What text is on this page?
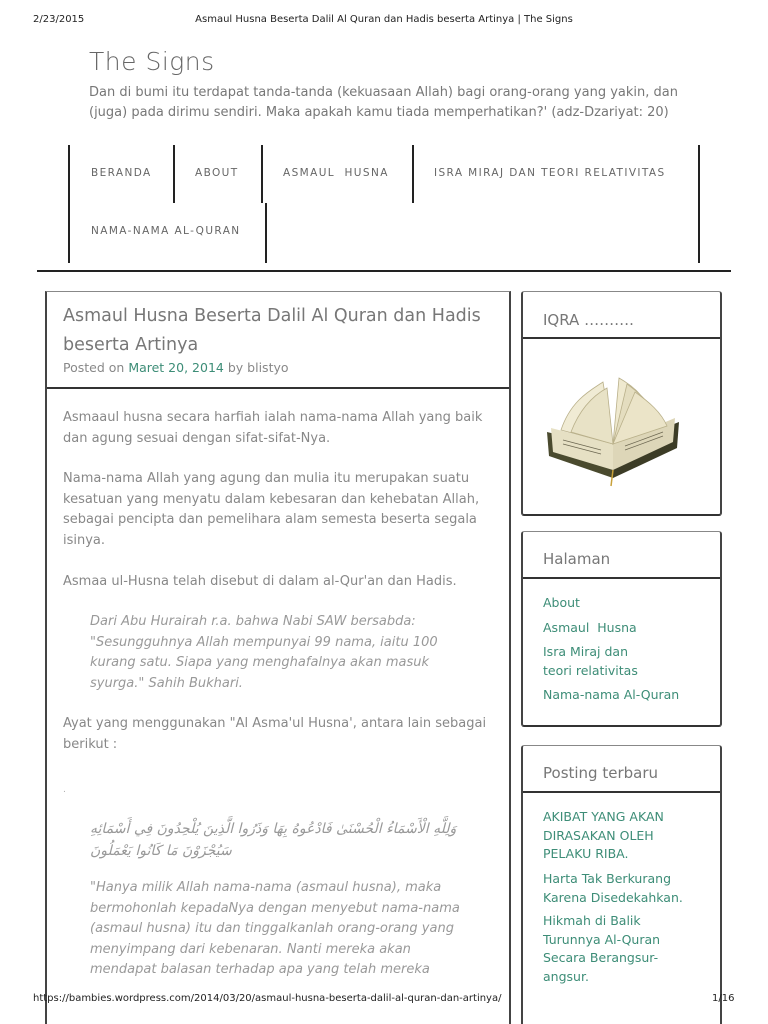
2/23/2015	Asmaul Husna Beserta Dalil Al Quran dan Hadis beserta Artinya | The Signs
The Signs
Dan di bumi itu terdapat tanda-tanda (kekuasaan Allah) bagi orang-orang yang yakin, dan (juga) pada dirimu sendiri. Maka apakah kamu tiada memperhatikan?' (adz-Dzariyat: 20)
BERANDA	ABOUT	ASMAUL  HUSNA	ISRA MIRAJ DAN TEORI RELATIVITAS
NAMA-NAMA AL-QURAN
Asmaul Husna Beserta Dalil Al Quran dan Hadis beserta Artinya
Posted on Maret 20, 2014 by blistyo

Asmaaul husna secara harfiah ialah nama-nama Allah yang baik dan agung sesuai dengan sifat-sifat-Nya.

Nama-nama Allah yang agung dan mulia itu merupakan suatu kesatuan yang menyatu dalam kebesaran dan kehebatan Allah, sebagai pencipta dan pemelihara alam semesta beserta segala isinya.

Asmaa ul-Husna telah disebut di dalam al-Qur'an dan Hadis.

Dari Abu Hurairah r.a. bahwa Nabi SAW bersabda: "Sesungguhnya Allah mempunyai 99 nama, iaitu 100 kurang satu. Siapa yang menghafalnya akan masuk syurga." Sahih Bukhari.

Ayat yang menggunakan "Al Asma'ul Husna', antara lain sebagai berikut :

.

وَلِلَّهِ الْأَسْمَاءُ الْحُسْنَىٰ فَادْعُوهُ بِهَا وَذَرُوا الَّذِينَ يُلْحِدُونَ فِي أَسْمَائِهِ سَيُجْزَوْنَ مَا كَانُوا يَعْمَلُونَ

"Hanya milik Allah nama-nama (asmaul husna), maka bermohonlah kepadaNya dengan menyebut nama-nama (asmaul husna) itu dan tinggalkanlah orang-orang yang menyimpang dari kebenaran. Nanti mereka akan mendapat balasan terhadap apa yang telah mereka

IQRA ……….
Halaman
About
Asmaul  Husna
Isra Miraj dan teori relativitas
Nama-nama Al-Quran
Posting terbaru
AKIBAT YANG AKAN DIRASAKAN OLEH PELAKU RIBA.
Harta Tak Berkurang Karena Disedekahkan.
Hikmah di Balik Turunnya Al-Quran Secara Berangsur-angsur.
https://bambies.wordpress.com/2014/03/20/asmaul-husna-beserta-dalil-al-quran-dan-artinya/	1/16
